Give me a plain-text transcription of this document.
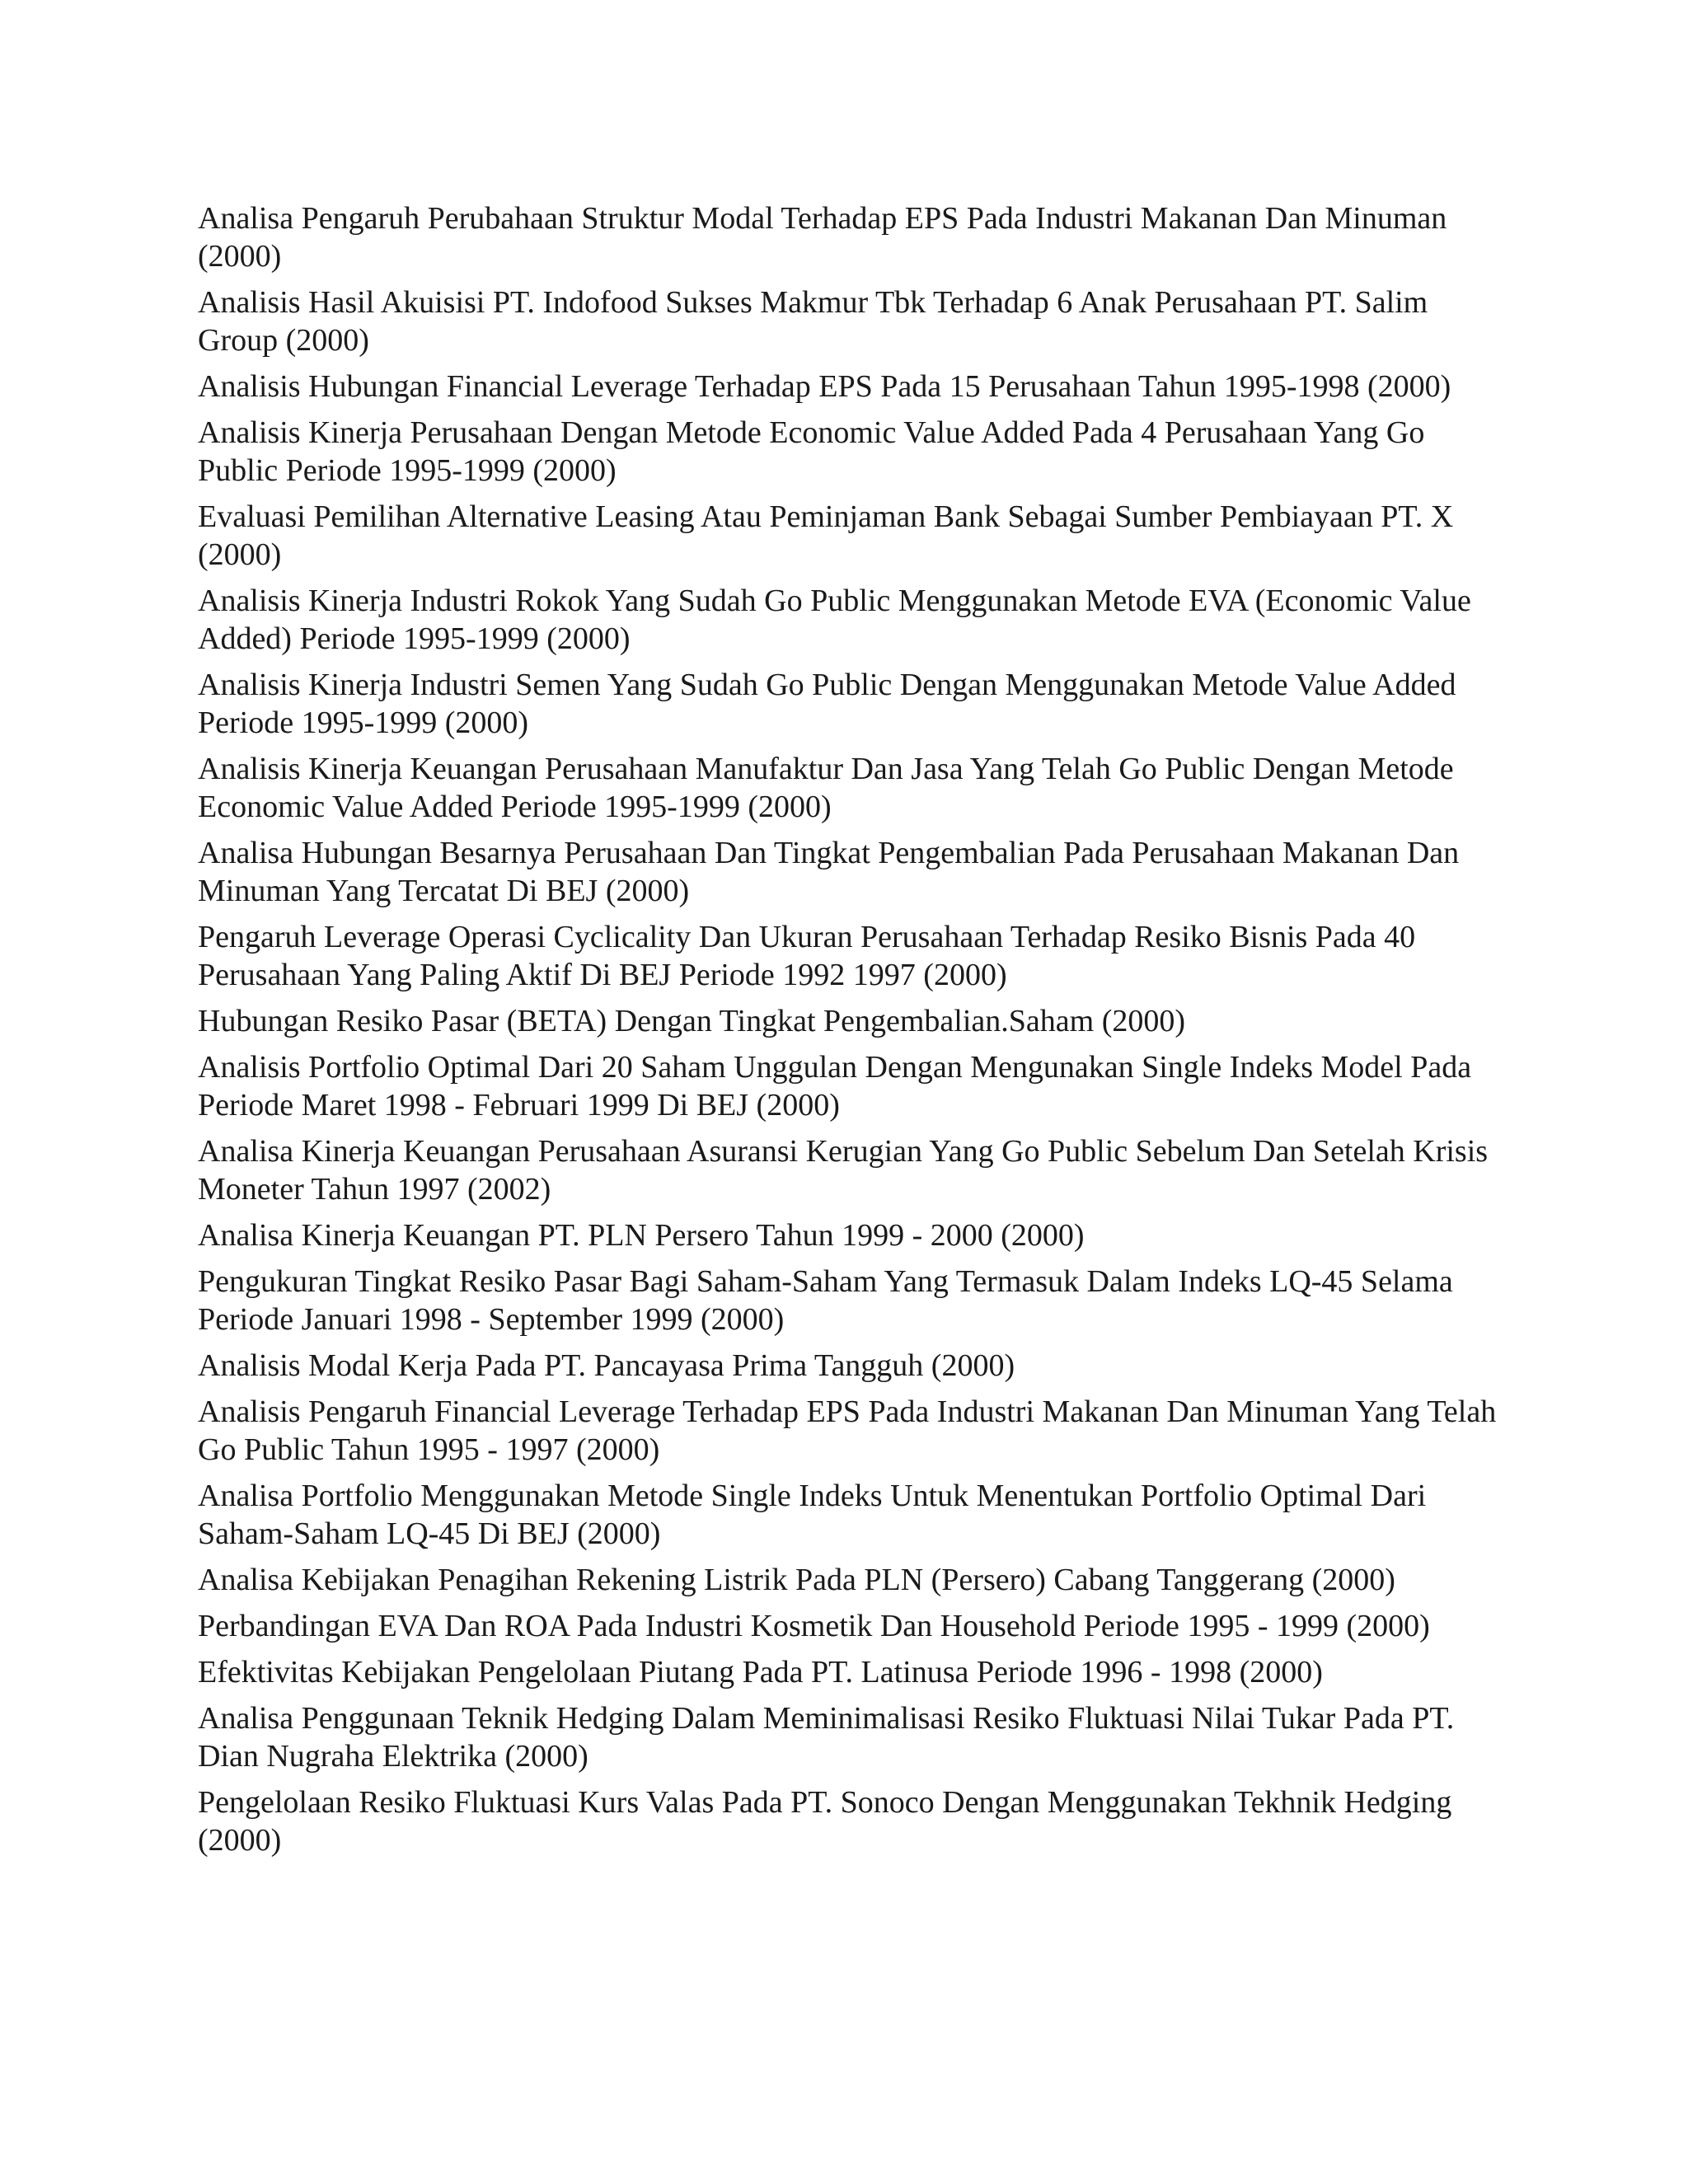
Analisa Pengaruh Perubahaan Struktur Modal Terhadap EPS Pada Industri Makanan Dan Minuman (2000)
Analisis Hasil Akuisisi PT. Indofood Sukses Makmur Tbk Terhadap 6 Anak Perusahaan PT. Salim Group (2000)
Analisis Hubungan Financial Leverage Terhadap EPS Pada 15 Perusahaan Tahun 1995-1998 (2000)
Analisis Kinerja Perusahaan Dengan Metode Economic Value Added Pada 4 Perusahaan Yang Go Public Periode 1995-1999 (2000)
Evaluasi Pemilihan Alternative Leasing Atau Peminjaman Bank Sebagai Sumber Pembiayaan PT. X (2000)
Analisis Kinerja Industri Rokok Yang Sudah Go Public Menggunakan Metode EVA (Economic Value Added) Periode 1995-1999 (2000)
Analisis Kinerja Industri Semen Yang Sudah Go Public Dengan Menggunakan Metode Value Added Periode 1995-1999 (2000)
Analisis Kinerja Keuangan Perusahaan Manufaktur Dan Jasa Yang Telah Go Public Dengan Metode Economic Value Added Periode 1995-1999 (2000)
Analisa Hubungan Besarnya Perusahaan Dan Tingkat Pengembalian Pada Perusahaan Makanan Dan Minuman Yang Tercatat Di BEJ (2000)
Pengaruh Leverage Operasi Cyclicality Dan Ukuran Perusahaan Terhadap Resiko Bisnis Pada 40 Perusahaan Yang Paling Aktif Di BEJ Periode 1992 1997 (2000)
Hubungan Resiko Pasar (BETA) Dengan Tingkat Pengembalian.Saham (2000)
Analisis Portfolio Optimal Dari 20 Saham Unggulan Dengan Mengunakan Single Indeks Model Pada Periode Maret 1998 - Februari 1999 Di BEJ (2000)
Analisa Kinerja Keuangan Perusahaan Asuransi Kerugian Yang Go Public Sebelum Dan Setelah Krisis Moneter Tahun 1997 (2002)
Analisa Kinerja Keuangan PT. PLN Persero Tahun 1999 - 2000 (2000)
Pengukuran Tingkat Resiko Pasar Bagi Saham-Saham Yang Termasuk Dalam Indeks LQ-45 Selama Periode Januari 1998 - September 1999 (2000)
Analisis Modal Kerja Pada PT. Pancayasa Prima Tangguh (2000)
Analisis Pengaruh Financial Leverage Terhadap EPS Pada Industri Makanan Dan Minuman Yang Telah Go Public Tahun 1995 - 1997 (2000)
Analisa Portfolio Menggunakan Metode Single Indeks Untuk Menentukan Portfolio Optimal Dari Saham-Saham LQ-45 Di BEJ (2000)
Analisa Kebijakan Penagihan Rekening Listrik Pada PLN (Persero) Cabang Tanggerang (2000)
Perbandingan EVA Dan ROA Pada Industri Kosmetik Dan Household Periode 1995 - 1999 (2000)
Efektivitas Kebijakan Pengelolaan Piutang Pada PT. Latinusa Periode 1996 - 1998 (2000)
Analisa Penggunaan Teknik Hedging Dalam Meminimalisasi Resiko Fluktuasi Nilai Tukar Pada PT. Dian Nugraha Elektrika (2000)
Pengelolaan Resiko Fluktuasi Kurs Valas Pada PT. Sonoco Dengan Menggunakan Tekhnik Hedging (2000)
